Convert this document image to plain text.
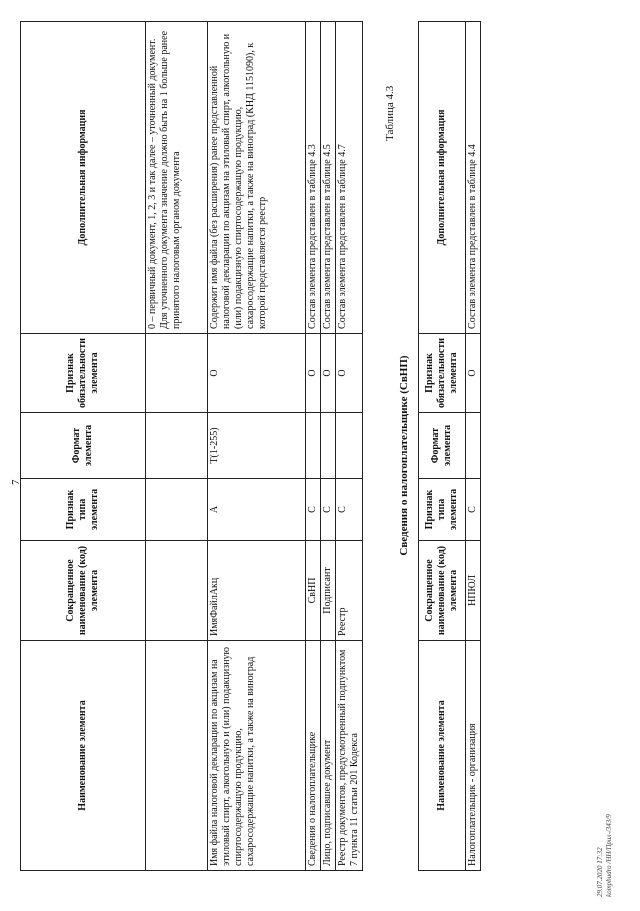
7
Наименование элемента	Сокращенное наименование (код) элемента	Признак типа элемента	Формат элемента	Признак обязательности элемента	Дополнительная информация
					0 – первичный документ, 1, 2, 3 и так далее – уточненный документ. Для уточненного документа значение должно быть на 1 больше ранее принятого налоговым органом документа
Имя файла налоговой декларации по акцизам на этиловый спирт, алкогольную и (или) подакцизную спиртосодержащую продукцию, сахаросодержащие напитки, а также на виноград	ИмяФайлАкц	А	T(1-255)	О	Содержит имя файла (без расширения) ранее представленной налоговой декларации по акцизам на этиловый спирт, алкогольную и (или) подакцизную спиртосодержащую продукцию, сахаросодержащие напитки, а также на виноград (КНД 1151090), к которой представляется реестр
Сведения о налогоплательщике	СвНП	С		О	Состав элемента представлен в таблице 4.3
Лицо, подписавшее документ	Подписант	С		О	Состав элемента представлен в таблице 4.5
Реестр документов, предусмотренный подпунктом 7 пункта 11 статьи 201 Кодекса	Реестр	С		О	Состав элемента представлен в таблице 4.7
Таблица 4.3
Сведения о налогоплательщике (СвНП)
Наименование элемента	Сокращенное наименование (код) элемента	Признак типа элемента	Формат элемента	Признак обязательности элемента	Дополнительная информация
Налогоплательщик - организация	НПЮЛ	С		О	Состав элемента представлен в таблице 4.4
29.07.2020 17:32 kompbudro /НН/Прил-/343/9
